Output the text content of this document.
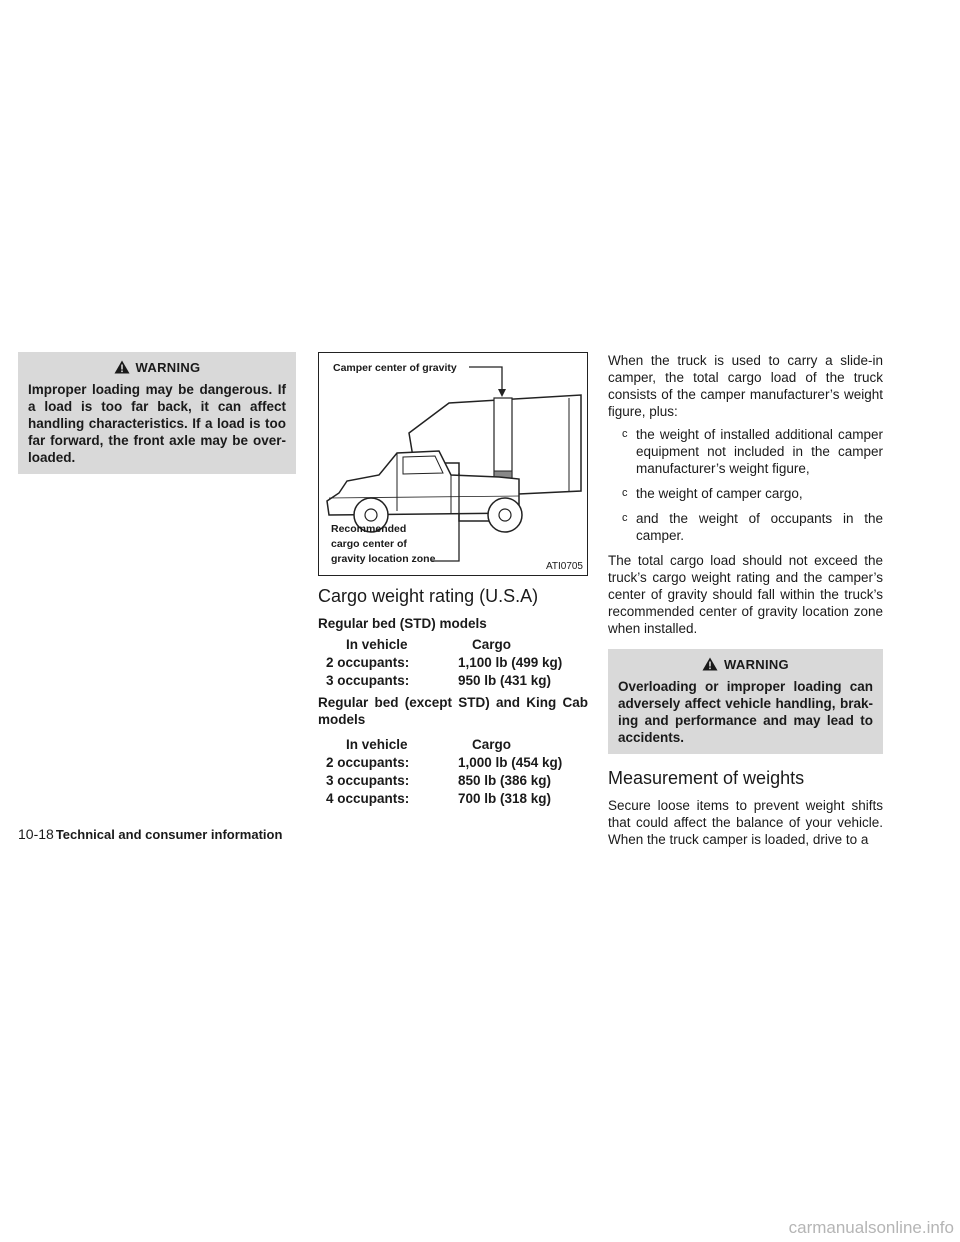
WARNING
Improper loading may be dangerous. If a load is too far back, it can affect handling characteristics. If a load is too far forward, the front axle may be over- loaded.
Camper center of gravity
Recommended
cargo center of
gravity location zone
ATI0705
Cargo weight rating (U.S.A)

Regular bed (STD) models

In vehicle	Cargo
2 occupants:	1,100 lb (499 kg)
3 occupants:	950 lb (431 kg)

Regular bed (except STD) and King Cab models

In vehicle	Cargo
2 occupants:	1,000 lb (454 kg)
3 occupants:	850 lb (386 kg)
4 occupants:	700 lb (318 kg)

When the truck is used to carry a slide-in camper, the total cargo load of the truck consists of the camper manufacturer’s weight figure, plus:

c the weight of installed additional camper equipment not included in the camper manufacturer’s weight figure,
c the weight of camper cargo,
c and the weight of occupants in the camper.

The total cargo load should not exceed the truck’s cargo weight rating and the camper’s center of gravity should fall within the truck’s recommended center of gravity location zone when installed.

WARNING
Overloading or improper loading can adversely affect vehicle handling, brak- ing and performance and may lead to accidents.
Measurement of weights

Secure loose items to prevent weight shifts that could affect the balance of your vehicle. When the truck camper is loaded, drive to a

10-18 Technical and consumer information
carmanualsonline.info
